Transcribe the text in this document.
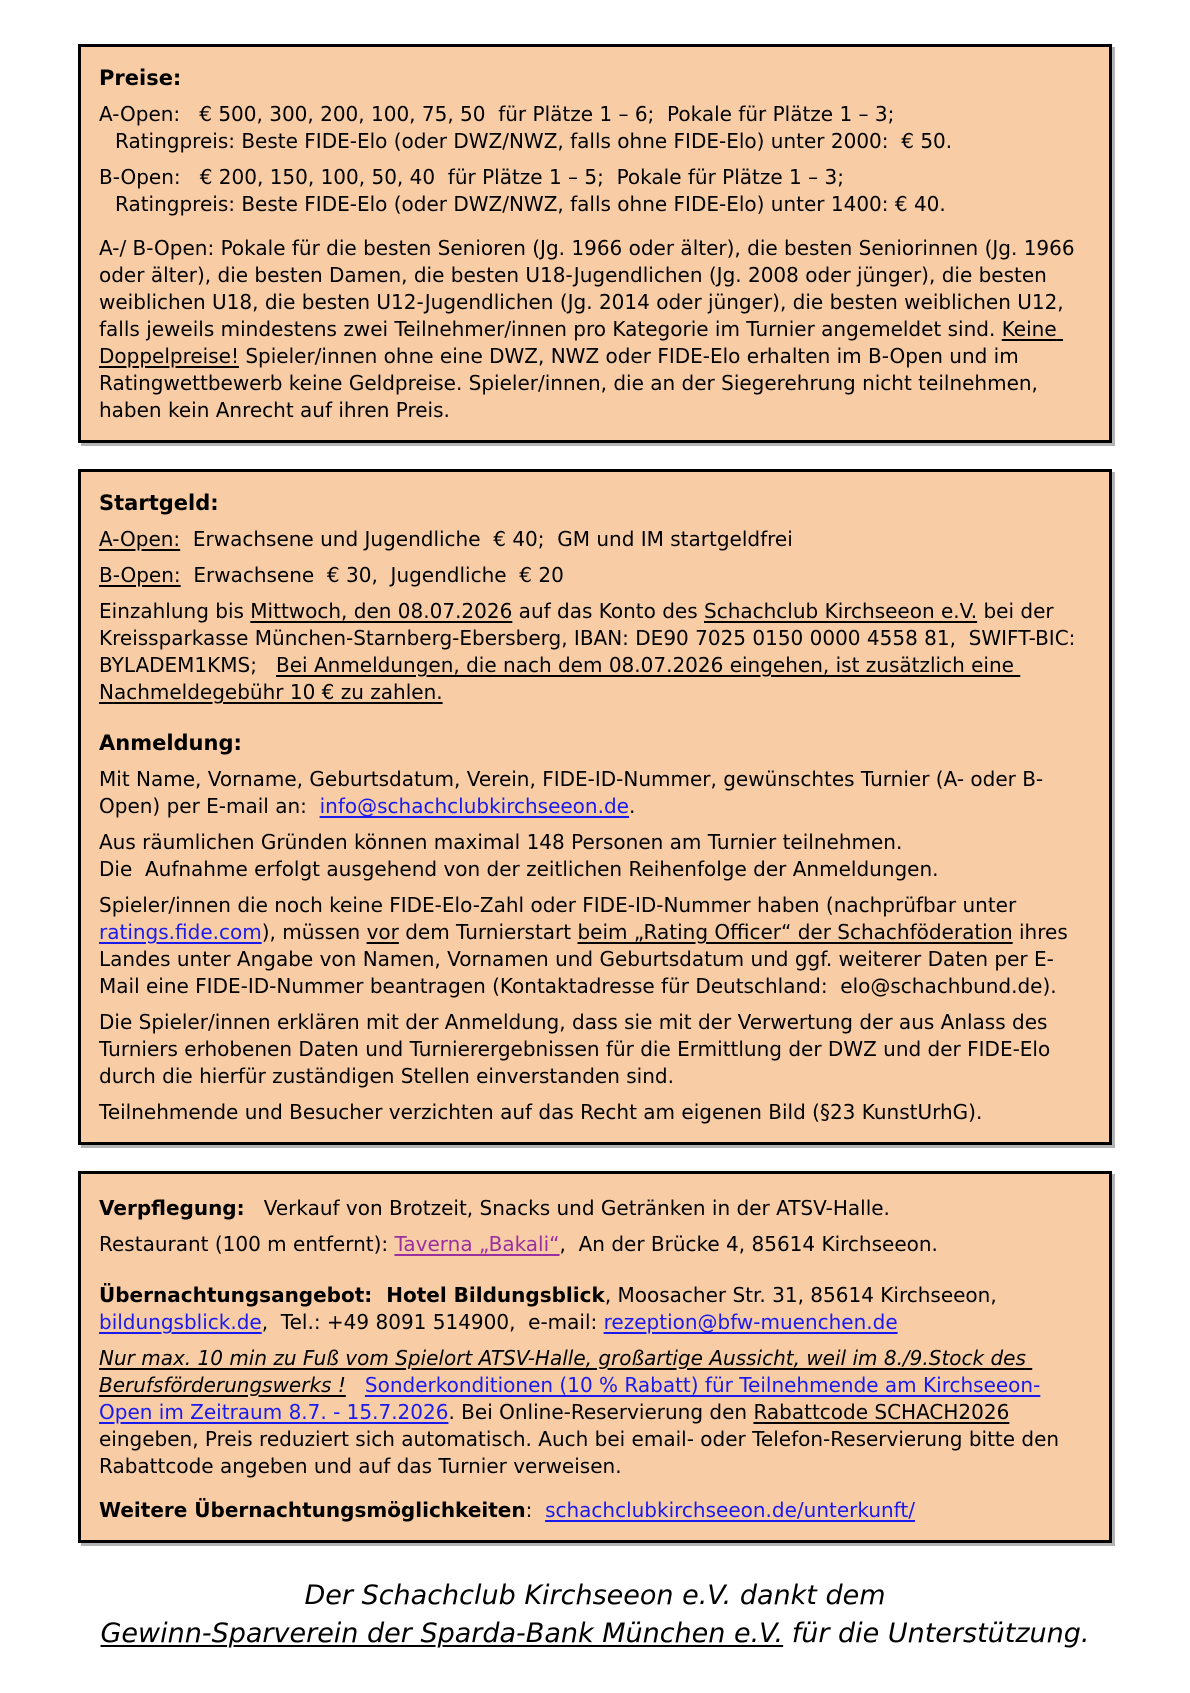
Preise:

A-Open:   € 500, 300, 200, 100, 75, 50  für Plätze 1 – 6;  Pokale für Plätze 1 – 3;

Ratingpreis: Beste FIDE-Elo (oder DWZ/NWZ, falls ohne FIDE-Elo) unter 2000:  € 50.

B-Open:   € 200, 150, 100, 50, 40  für Plätze 1 – 5;  Pokale für Plätze 1 – 3;

Ratingpreis: Beste FIDE-Elo (oder DWZ/NWZ, falls ohne FIDE-Elo) unter 1400: € 40.

A-/ B-Open: Pokale für die besten Senioren (Jg. 1966 oder älter), die besten Seniorinnen (Jg. 1966 oder älter), die besten Damen, die besten U18-Jugendlichen (Jg. 2008 oder jünger), die besten weiblichen U18, die besten U12-Jugendlichen (Jg. 2014 oder jünger), die besten weiblichen U12, falls jeweils mindestens zwei Teilnehmer/innen pro Kategorie im Turnier angemeldet sind. Keine Doppelpreise! Spieler/innen ohne eine DWZ, NWZ oder FIDE-Elo erhalten im B-Open und im Ratingwettbewerb keine Geldpreise. Spieler/innen, die an der Siegerehrung nicht teilnehmen, haben kein Anrecht auf ihren Preis.

Startgeld:

A-Open:  Erwachsene und Jugendliche  € 40;  GM und IM startgeldfrei

B-Open:  Erwachsene  € 30,  Jugendliche  € 20

Einzahlung bis Mittwoch, den 08.07.2026 auf das Konto des Schachclub Kirchseeon e.V. bei der Kreissparkasse München-Starnberg-Ebersberg, IBAN: DE90 7025 0150 0000 4558 81,  SWIFT-BIC: BYLADEM1KMS;   Bei Anmeldungen, die nach dem 08.07.2026 eingehen, ist zusätzlich eine Nachmeldegebühr 10 € zu zahlen.

Anmeldung:

Mit Name, Vorname, Geburtsdatum, Verein, FIDE-ID-Nummer, gewünschtes Turnier (A- oder B-Open) per E-mail an:  info@schachclubkirchseeon.de.

Aus räumlichen Gründen können maximal 148 Personen am Turnier teilnehmen.

Die  Aufnahme erfolgt ausgehend von der zeitlichen Reihenfolge der Anmeldungen.

Spieler/innen die noch keine FIDE-Elo-Zahl oder FIDE-ID-Nummer haben (nachprüfbar unter ratings.fide.com), müssen vor dem Turnierstart beim „Rating Officer“ der Schachföderation ihres Landes unter Angabe von Namen, Vornamen und Geburtsdatum und ggf. weiterer Daten per E-Mail eine FIDE-ID-Nummer beantragen (Kontaktadresse für Deutschland:  elo@schachbund.de).

Die Spieler/innen erklären mit der Anmeldung, dass sie mit der Verwertung der aus Anlass des Turniers erhobenen Daten und Turnierergebnissen für die Ermittlung der DWZ und der FIDE-Elo durch die hierfür zuständigen Stellen einverstanden sind.

Teilnehmende und Besucher verzichten auf das Recht am eigenen Bild (§23 KunstUrhG).

Verpflegung:   Verkauf von Brotzeit, Snacks und Getränken in der ATSV-Halle.

Restaurant (100 m entfernt): Taverna „Bakali“,  An der Brücke 4, 85614 Kirchseeon.

Übernachtungsangebot:  Hotel Bildungsblick, Moosacher Str. 31, 85614 Kirchseeon, bildungsblick.de,  Tel.: +49 8091 514900,  e-mail: rezeption@bfw-muenchen.de

Nur max. 10 min zu Fuß vom Spielort ATSV-Halle, großartige Aussicht, weil im 8./9.Stock des Berufsförderungswerks ! Sonderkonditionen (10 % Rabatt) für Teilnehmende am Kirchseeon-Open im Zeitraum 8.7. - 15.7.2026. Bei Online-Reservierung den Rabattcode SCHACH2026 eingeben, Preis reduziert sich automatisch. Auch bei email- oder Telefon-Reservierung bitte den Rabattcode angeben und auf das Turnier verweisen.

Weitere Übernachtungsmöglichkeiten:  schachclubkirchseeon.de/unterkunft/

Der Schachclub Kirchseeon e.V. dankt dem

Gewinn-Sparverein der Sparda-Bank München e.V. für die Unterstützung.
